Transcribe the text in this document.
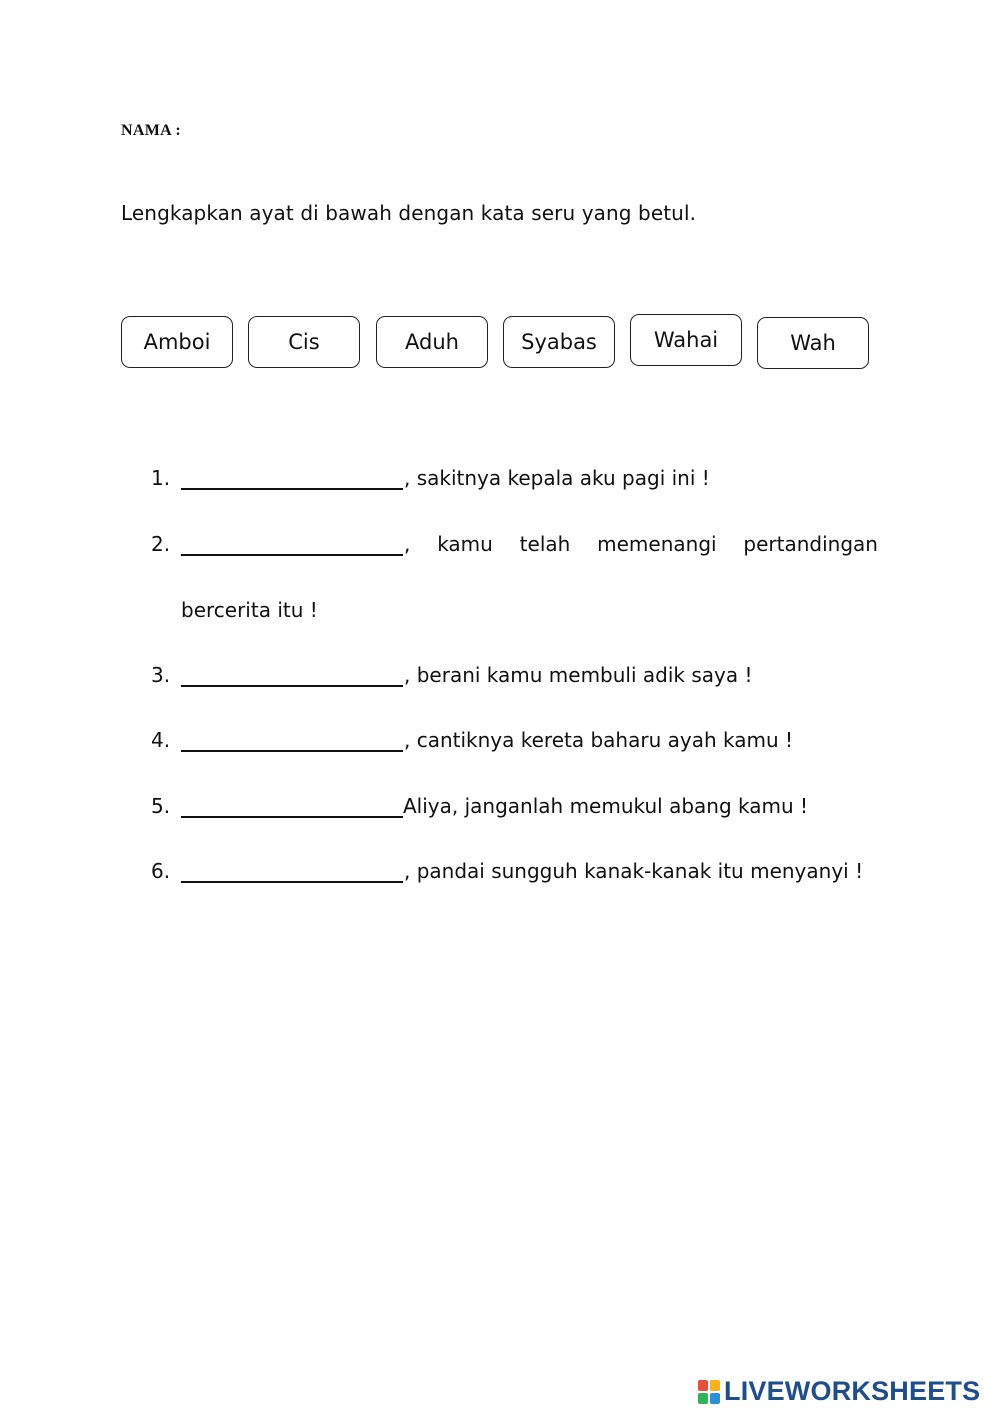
NAMA :
Lengkapkan ayat di bawah dengan kata seru yang betul.
Amboi	Cis	Aduh	Syabas	Wahai	Wah
1.	, sakitnya kepala aku pagi ini !
2.	, kamu telah memenangi pertandingan
bercerita itu !
3.	, berani kamu membuli adik saya !
4.	, cantiknya kereta baharu ayah kamu !
5.	Aliya, janganlah memukul abang kamu !
6.	, pandai sungguh kanak-kanak itu menyanyi !
LIVEWORKSHEETS
